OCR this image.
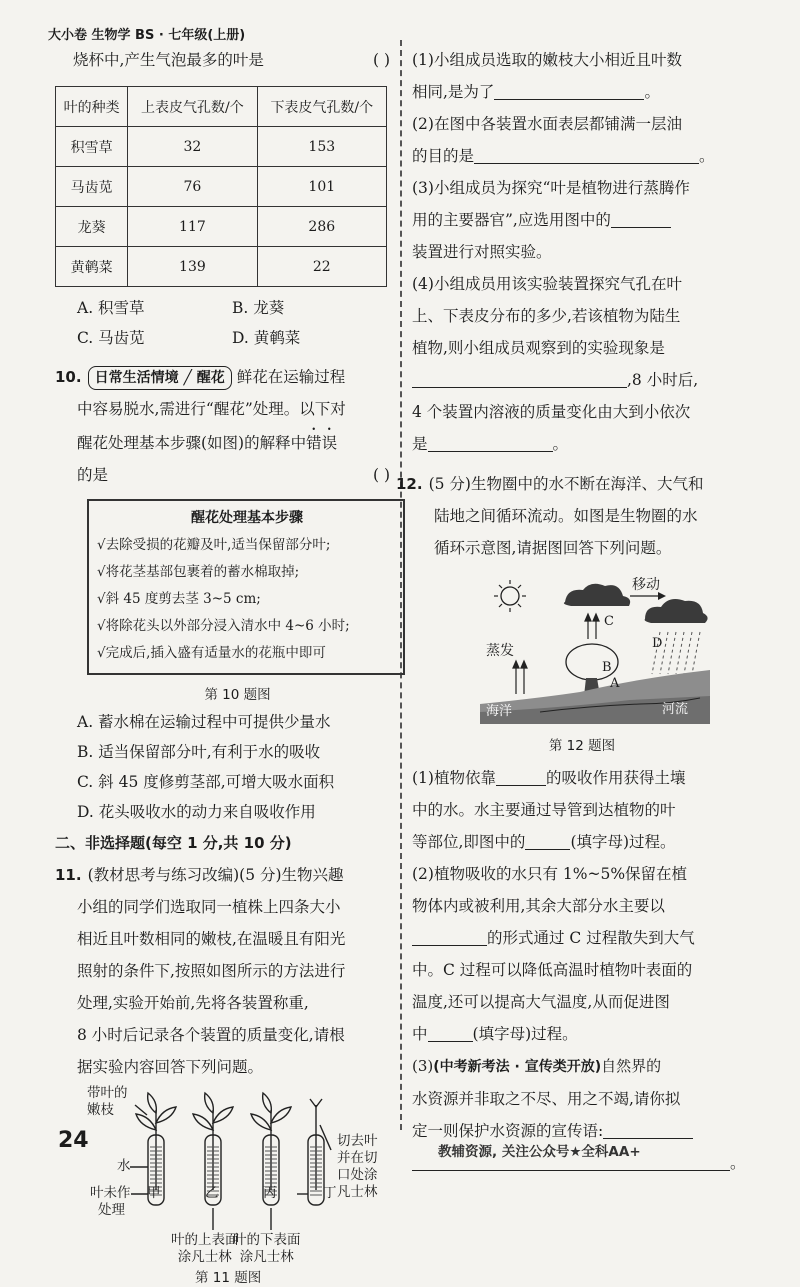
大小卷 生物学 BS · 七年级(上册)

烧杯中,产生气泡最多的叶是	( )

叶的种类	上表皮气孔数/个	下表皮气孔数/个
积雪草	32	153
马齿苋	76	101
龙葵	117	286
黄鹌菜	139	22
A. 积雪草	B. 龙葵
C. 马齿苋	D. 黄鹌菜

10. 日常生活情境 ╱ 醒花 鲜花在运输过程

中容易脱水,需进行“醒花”处理。以下对

醒花处理基本步骤(如图)的解释中错误

的是	( )

醒花处理基本步骤
√去除受损的花瓣及叶,适当保留部分叶;
√将花茎基部包裹着的蓄水棉取掉;
√斜 45 度剪去茎 3~5 cm;
√将除花头以外部分浸入清水中 4~6 小时;
√完成后,插入盛有适量水的花瓶中即可

第 10 题图

A. 蓄水棉在运输过程中可提供少量水
B. 适当保留部分叶,有利于水的吸收
C. 斜 45 度修剪茎部,可增大吸水面积
D. 花头吸收水的动力来自吸收作用

二、非选择题(每空 1 分,共 10 分)

11. (教材思考与练习改编)(5 分)生物兴趣

小组的同学们选取同一植株上四条大小

相近且叶数相同的嫩枝,在温暖且有阳光

照射的条件下,按照如图所示的方法进行

处理,实验开始前,先将各装置称重,

8 小时后记录各个装置的质量变化,请根

据实验内容回答下列问题。

带叶的
嫩枝
水
叶未作
处理
甲	乙	丙	丁
切去叶
并在切
口处涂
凡士林
叶的上表面
涂凡士林
叶的下表面
涂凡士林
第 11 题图

(1)小组成员选取的嫩枝大小相近且叶数

相同,是为了	。

(2)在图中各装置水面表层都铺满一层油

的目的是	。

(3)小组成员为探究“叶是植物进行蒸腾作

用的主要器官”,应选用图中的

装置进行对照实验。

(4)小组成员用该实验装置探究气孔在叶

上、下表皮分布的多少,若该植物为陆生

植物,则小组成员观察到的实验现象是

,8 小时后,

4 个装置内溶液的质量变化由大到小依次

是	。

12. (5 分)生物圈中的水不断在海洋、大气和

陆地之间循环流动。如图是生物圈的水

循环示意图,请据图回答下列问题。

移动
蒸发
C
D
A
B
海洋	河流

第 12 题图

(1)植物依靠	的吸收作用获得土壤

中的水。水主要通过导管到达植物的叶

等部位,即图中的	(填字母)过程。

(2)植物吸收的水只有 1%~5%保留在植

物体内或被利用,其余大部分水主要以

的形式通过 C 过程散失到大气

中。C 过程可以降低高温时植物叶表面的

温度,还可以提高大气温度,从而促进图

中	(填字母)过程。

(3)(中考新考法 · 宣传类开放)自然界的

水资源并非取之不尽、用之不竭,请你拟

定一则保护水资源的宣传语:

。

24	教辅资源, 关注公众号★全科AA+
